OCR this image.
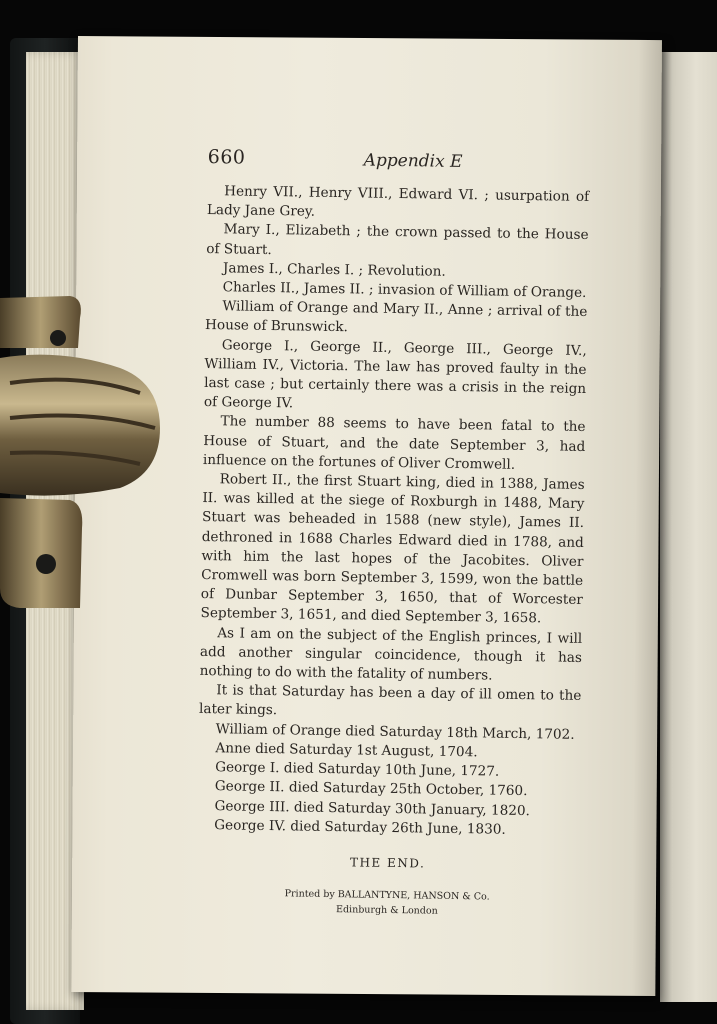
660	Appendix E

Henry VII., Henry VIII., Edward VI. ; usurpation of Lady Jane Grey.

Mary I., Elizabeth ; the crown passed to the House of Stuart.

James I., Charles I. ; Revolution.

Charles II., James II. ; invasion of William of Orange.

William of Orange and Mary II., Anne ; arrival of the House of Brunswick.

George I., George II., George III., George IV., William IV., Victoria. The law has proved faulty in the last case ; but certainly there was a crisis in the reign of George IV.

The number 88 seems to have been fatal to the House of Stuart, and the date September 3, had influence on the fortunes of Oliver Cromwell.

Robert II., the first Stuart king, died in 1388, James II. was killed at the siege of Roxburgh in 1488, Mary Stuart was beheaded in 1588 (new style), James II. dethroned in 1688 Charles Edward died in 1788, and with him the last hopes of the Jacobites. Oliver Cromwell was born September 3, 1599, won the battle of Dunbar September 3, 1650, that of Worcester September 3, 1651, and died September 3, 1658.

As I am on the subject of the English princes, I will add another singular coincidence, though it has nothing to do with the fatality of numbers.

It is that Saturday has been a day of ill omen to the later kings.

William of Orange died Saturday 18th March, 1702.

Anne died Saturday 1st August, 1704.

George I. died Saturday 10th June, 1727.

George II. died Saturday 25th October, 1760.

George III. died Saturday 30th January, 1820.

George IV. died Saturday 26th June, 1830.

THE END.
Printed by BALLANTYNE, HANSON & Co.
Edinburgh & London
